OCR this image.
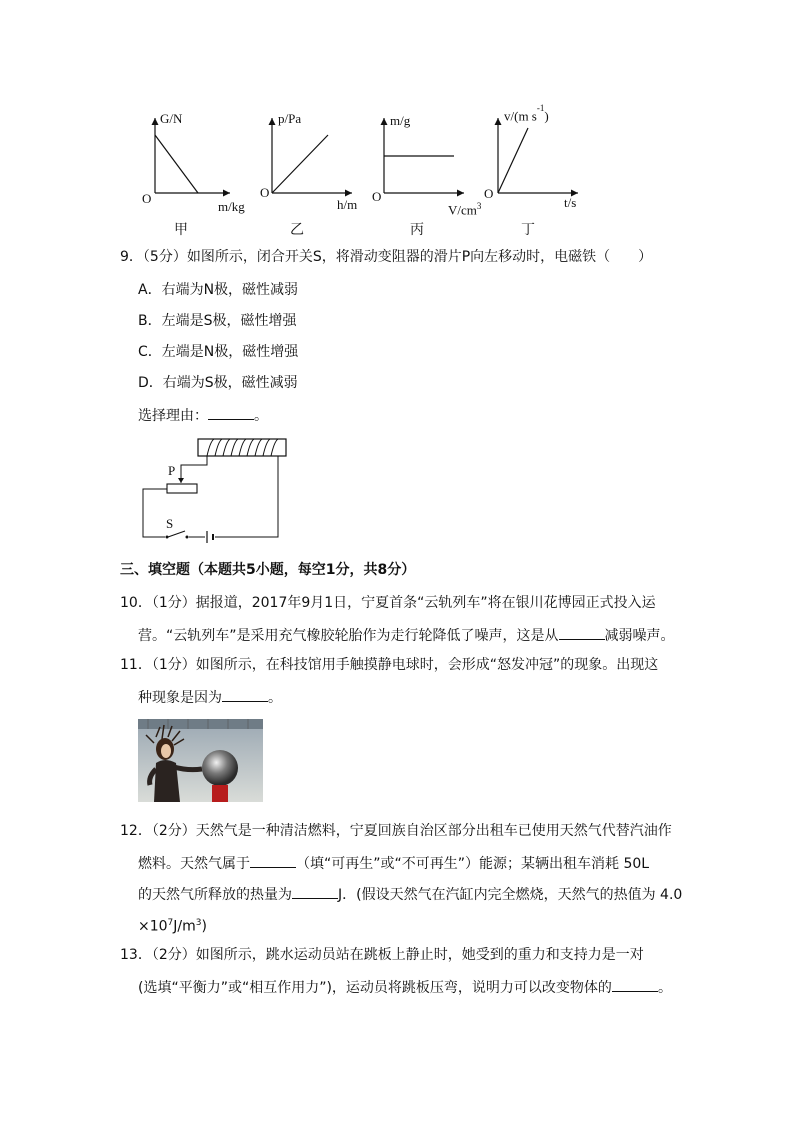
G/N
O
m/kg
甲
p/Pa
O
h/m
乙
m/g
O
$V/cm^3$
丙
v/(m $s^{-1}$)
O
t/s
丁
9．（5分）如图所示，闭合开关S，将滑动变阻器的滑片P向左移动时，电磁铁（　　）
A．右端为N极，磁性减弱
B．左端是S极，磁性增强
C．左端是N极，磁性增强
D．右端为S极，磁性减弱
选择理由：	。
P
S
三、填空题（本题共5小题，每空1分，共8分）
10．（1分）据报道，2017年9月1日，宁夏首条“云轨列车”将在银川花博园正式投入运
营。“云轨列车”是采用充气橡胶轮胎作为走行轮降低了噪声，这是从	减弱噪声。
11．（1分）如图所示，在科技馆用手触摸静电球时，会形成“怒发冲冠”的现象。出现这
种现象是因为	。
12．（2分）天然气是一种清洁燃料，宁夏回族自治区部分出租车已使用天然气代替汽油作
燃料。天然气属于	（填“可再生”或“不可再生”）能源；某辆出租车消耗 50L
的天然气所释放的热量为	J．(假设天然气在汽缸内完全燃烧，天然气的热值为 4.0
$\times 10^7J/m^3$)
13．（2分）如图所示，跳水运动员站在跳板上静止时，她受到的重力和支持力是一对
(选填“平衡力”或“相互作用力”)，运动员将跳板压弯，说明力可以改变物体的	。
